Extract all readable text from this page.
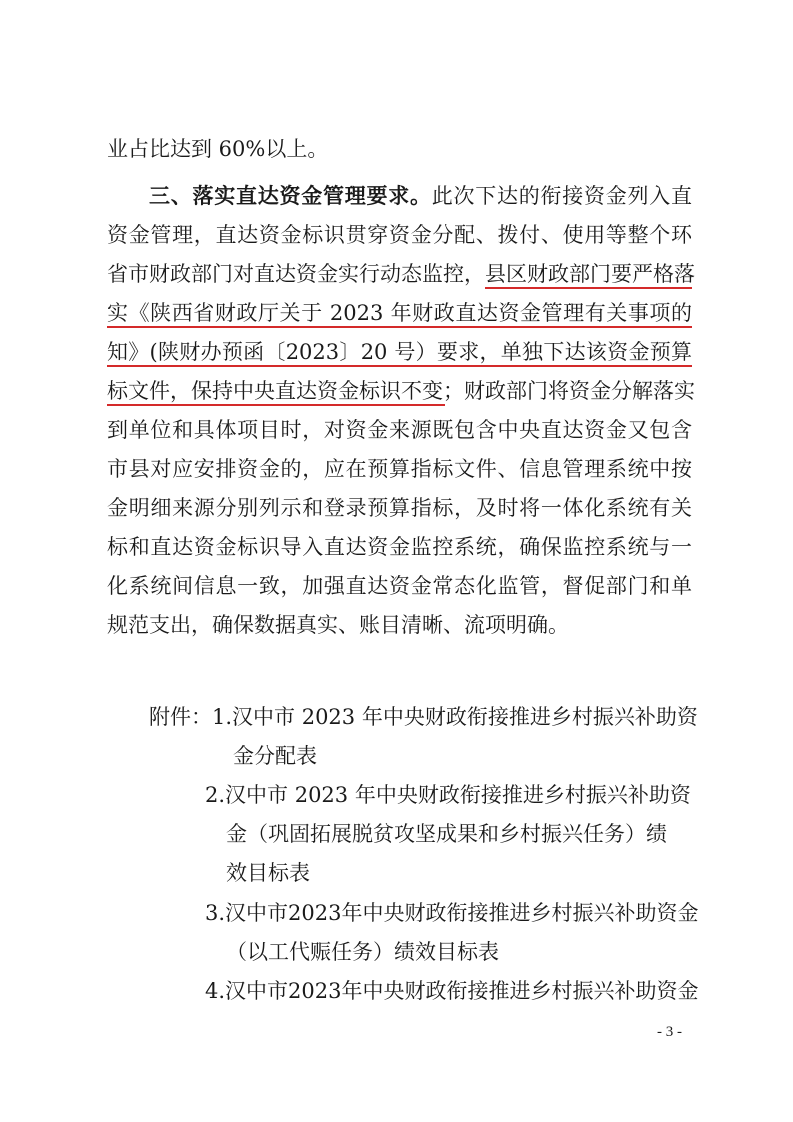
业占比达到 60%以上。
三、落实直达资金管理要求。此次下达的衔接资金列入直
资金管理，直达资金标识贯穿资金分配、拨付、使用等整个环
省市财政部门对直达资金实行动态监控，县区财政部门要严格落
实《陕西省财政厅关于 2023 年财政直达资金管理有关事项的
知》(陕财办预函〔2023〕20 号）要求，单独下达该资金预算
标文件，保持中央直达资金标识不变；财政部门将资金分解落实
到单位和具体项目时，对资金来源既包含中央直达资金又包含
市县对应安排资金的，应在预算指标文件、信息管理系统中按
金明细来源分别列示和登录预算指标，及时将一体化系统有关
标和直达资金标识导入直达资金监控系统，确保监控系统与一
化系统间信息一致，加强直达资金常态化监管，督促部门和单
规范支出，确保数据真实、账目清晰、流项明确。
附件： 1.汉中市 2023 年中央财政衔接推进乡村振兴补助资
金分配表
2.汉中市 2023 年中央财政衔接推进乡村振兴补助资
金（巩固拓展脱贫攻坚成果和乡村振兴任务）绩
效目标表
3.汉中市2023年中央财政衔接推进乡村振兴补助资金
（以工代赈任务）绩效目标表
4.汉中市2023年中央财政衔接推进乡村振兴补助资金
- 3 -
